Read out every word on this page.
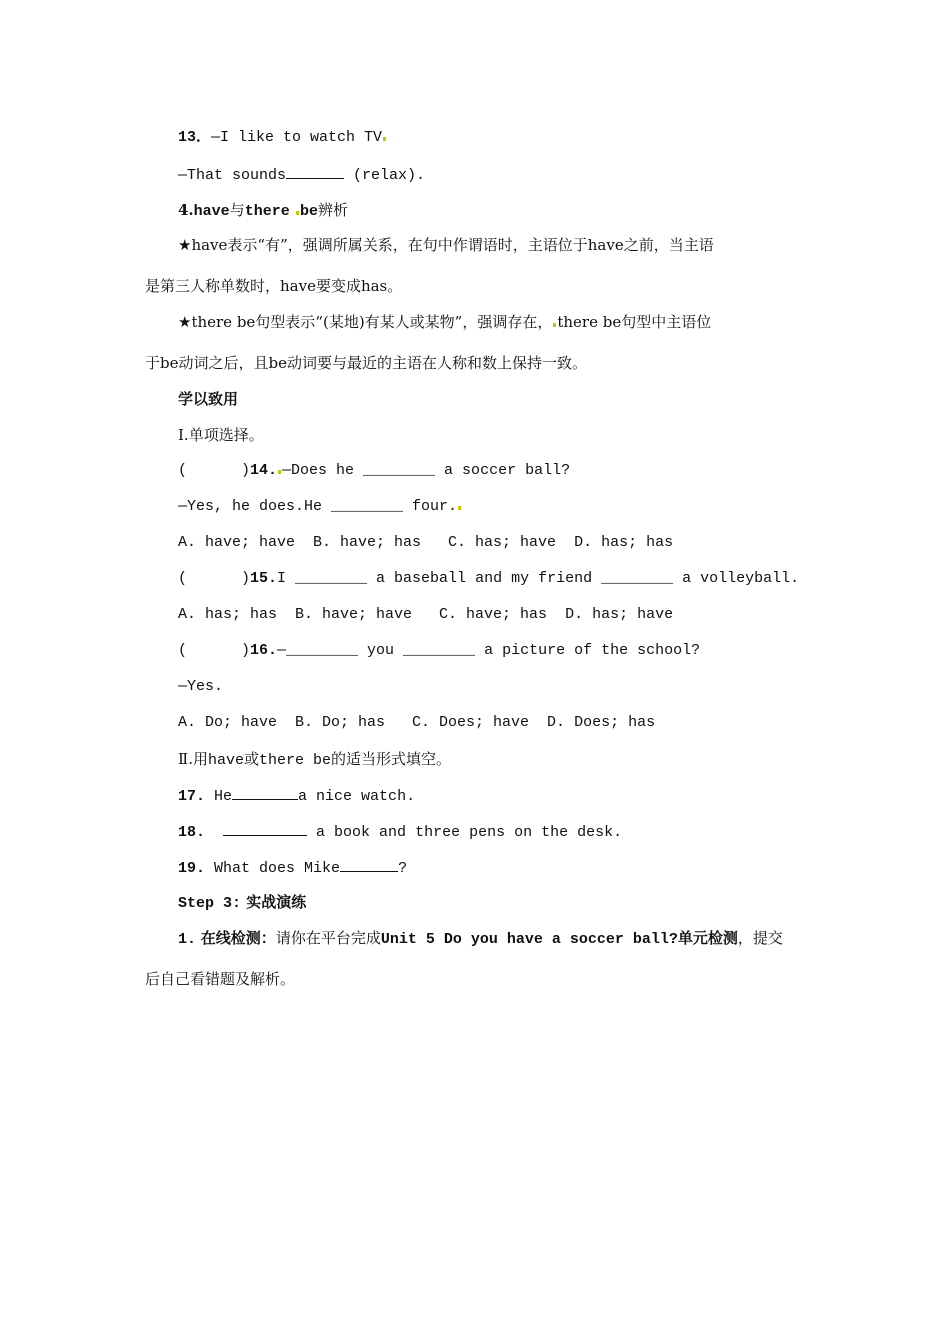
13．—I like to watch TV
—That sounds	(relax).
4.have与there be辨析
★have表示“有”，强调所属关系，在句中作谓语时，主语位于have之前，当主语
是第三人称单数时，have要变成has。
★there be句型表示“(某地)有某人或某物”，强调存在， there be句型中主语位
于be动词之后，且be动词要与最近的主语在人称和数上保持一致。
学以致用
Ⅰ.单项选择。
(      )14. —Does he ________ a soccer ball?
—Yes, he does.He ________ four.
A. have; have  B. have; has   C. has; have  D. has; has
(      )15.I ________ a baseball and my friend ________ a volleyball.
A. has; has  B. have; have   C. have; has  D. has; have
(      )16.—________ you ________ a picture of the school?
—Yes.
A. Do; have  B. Do; has   C. Does; have  D. Does; has
Ⅱ.用have或there be的适当形式填空。
17. He	a nice watch.
18.	a book and three pens on the desk.
19. What does Mike	?
Step 3: 实战演练
1. 在线检测：请你在平台完成Unit 5 Do you have a soccer ball?单元检测，提交
后自己看错题及解析。
